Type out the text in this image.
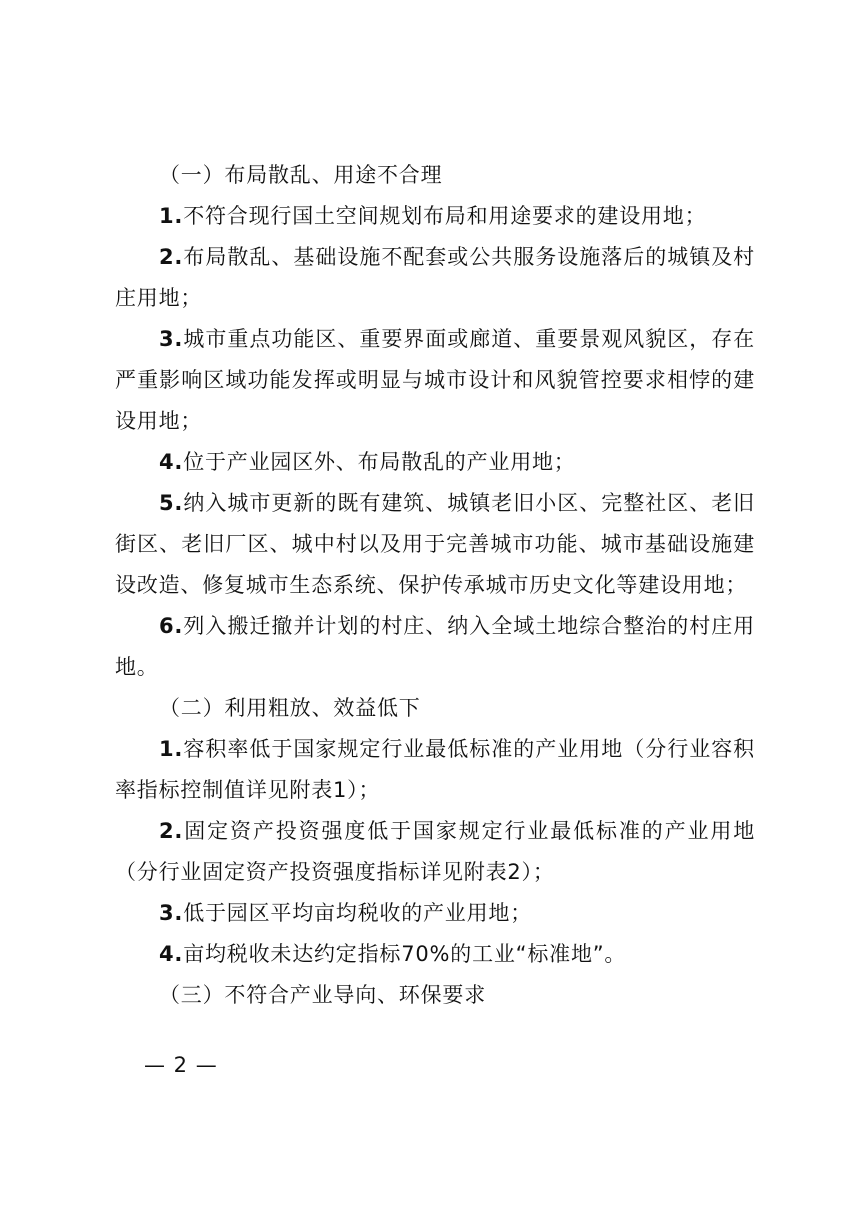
（一）布局散乱、用途不合理

1.不符合现行国土空间规划布局和用途要求的建设用地；

2.布局散乱、基础设施不配套或公共服务设施落后的城镇及村庄用地；

3.城市重点功能区、重要界面或廊道、重要景观风貌区，存在严重影响区域功能发挥或明显与城市设计和风貌管控要求相悖的建设用地；

4.位于产业园区外、布局散乱的产业用地；

5.纳入城市更新的既有建筑、城镇老旧小区、完整社区、老旧街区、老旧厂区、城中村以及用于完善城市功能、城市基础设施建设改造、修复城市生态系统、保护传承城市历史文化等建设用地；

6.列入搬迁撤并计划的村庄、纳入全域土地综合整治的村庄用地。

（二）利用粗放、效益低下

1.容积率低于国家规定行业最低标准的产业用地（分行业容积率指标控制值详见附表1）；

2.固定资产投资强度低于国家规定行业最低标准的产业用地（分行业固定资产投资强度指标详见附表2）；

3.低于园区平均亩均税收的产业用地；

4.亩均税收未达约定指标70%的工业“标准地”。

（三）不符合产业导向、环保要求

— 2 —
